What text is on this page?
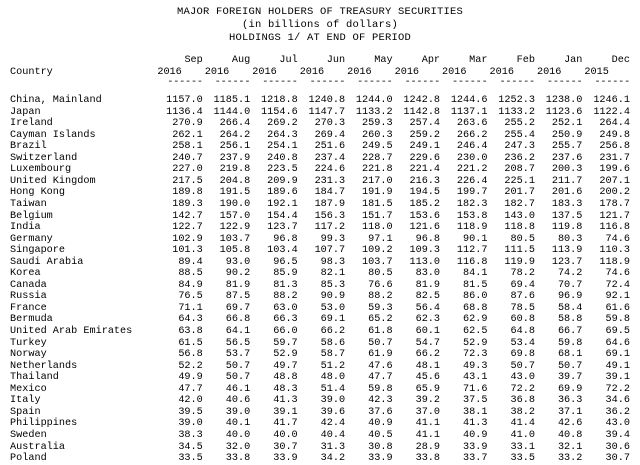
MAJOR FOREIGN HOLDERS OF TREASURY SECURITIES
(in billions of dollars)
HOLDINGS 1/ AT END OF PERIOD
	Sep	Aug	Jul	Jun	May	Apr	Mar	Feb	Jan	Dec
Country	2016	2016	2016	2016	2016	2016	2016	2016	2016	2015
	------	------	------	------	------	------	------	------	------	------

China, Mainland	1157.0	1185.1	1218.8	1240.8	1244.0	1242.8	1244.6	1252.3	1238.0	1246.1
Japan	1136.4	1144.0	1154.6	1147.7	1133.2	1142.8	1137.1	1133.2	1123.6	1122.4
Ireland	270.9	266.4	269.2	270.3	259.3	257.4	263.6	255.2	252.1	264.4
Cayman Islands	262.1	264.2	264.3	269.4	260.3	259.2	266.2	255.4	250.9	249.8
Brazil	258.1	256.1	254.1	251.6	249.5	249.1	246.4	247.3	255.7	256.8
Switzerland	240.7	237.9	240.8	237.4	228.7	229.6	230.0	236.2	237.6	231.7
Luxembourg	227.0	219.8	223.5	224.6	221.8	221.4	221.2	208.7	200.3	199.6
United Kingdom	217.5	204.8	209.9	231.3	217.0	216.3	226.4	225.1	211.7	207.1
Hong Kong	189.8	191.5	189.6	184.7	191.9	194.5	199.7	201.7	201.6	200.2
Taiwan	189.3	190.0	192.1	187.9	181.5	185.2	182.3	182.7	183.3	178.7
Belgium	142.7	157.0	154.4	156.3	151.7	153.6	153.8	143.0	137.5	121.7
India	122.7	122.9	123.7	117.2	118.0	121.6	118.9	118.8	119.8	116.8
Germany	102.9	103.7	96.8	99.3	97.1	96.8	90.1	80.5	80.3	74.6
Singapore	101.3	105.8	103.4	107.7	109.2	109.3	112.7	111.5	113.9	110.3
Saudi Arabia	89.4	93.0	96.5	98.3	103.7	113.0	116.8	119.9	123.7	118.9
Korea	88.5	90.2	85.9	82.1	80.5	83.0	84.1	78.2	74.2	74.6
Canada	84.9	81.9	81.3	85.3	76.6	81.9	81.5	69.4	70.7	72.4
Russia	76.5	87.5	88.2	90.9	88.2	82.5	86.0	87.6	96.9	92.1
France	71.1	69.7	63.0	53.0	59.3	56.4	68.8	78.5	58.4	61.6
Bermuda	64.3	66.8	66.3	69.1	65.2	62.3	62.9	60.8	58.8	59.8
United Arab Emirates	63.8	64.1	66.0	66.2	61.8	60.1	62.5	64.8	66.7	69.5
Turkey	61.5	56.5	59.7	58.6	50.7	54.7	52.9	53.4	59.8	64.6
Norway	56.8	53.7	52.9	58.7	61.9	66.2	72.3	69.8	68.1	69.1
Netherlands	52.2	50.7	49.7	51.2	47.6	48.1	49.3	50.7	50.7	49.1
Thailand	49.9	50.7	48.8	48.0	47.7	45.6	43.1	43.0	39.7	39.1
Mexico	47.7	46.1	48.3	51.4	59.8	65.9	71.6	72.2	69.9	72.2
Italy	42.0	40.6	41.3	39.0	42.3	39.2	37.5	36.8	36.3	34.6
Spain	39.5	39.0	39.1	39.6	37.6	37.0	38.1	38.2	37.1	36.2
Philippines	39.0	40.1	41.7	42.4	40.9	41.1	41.3	41.4	42.6	43.0
Sweden	38.3	40.0	40.0	40.4	40.5	41.1	40.9	41.0	40.8	39.4
Australia	34.5	32.0	30.7	31.3	30.8	28.9	33.9	33.1	32.1	30.6
Poland	33.5	33.8	33.9	34.2	33.9	33.8	33.7	33.5	33.2	30.7
